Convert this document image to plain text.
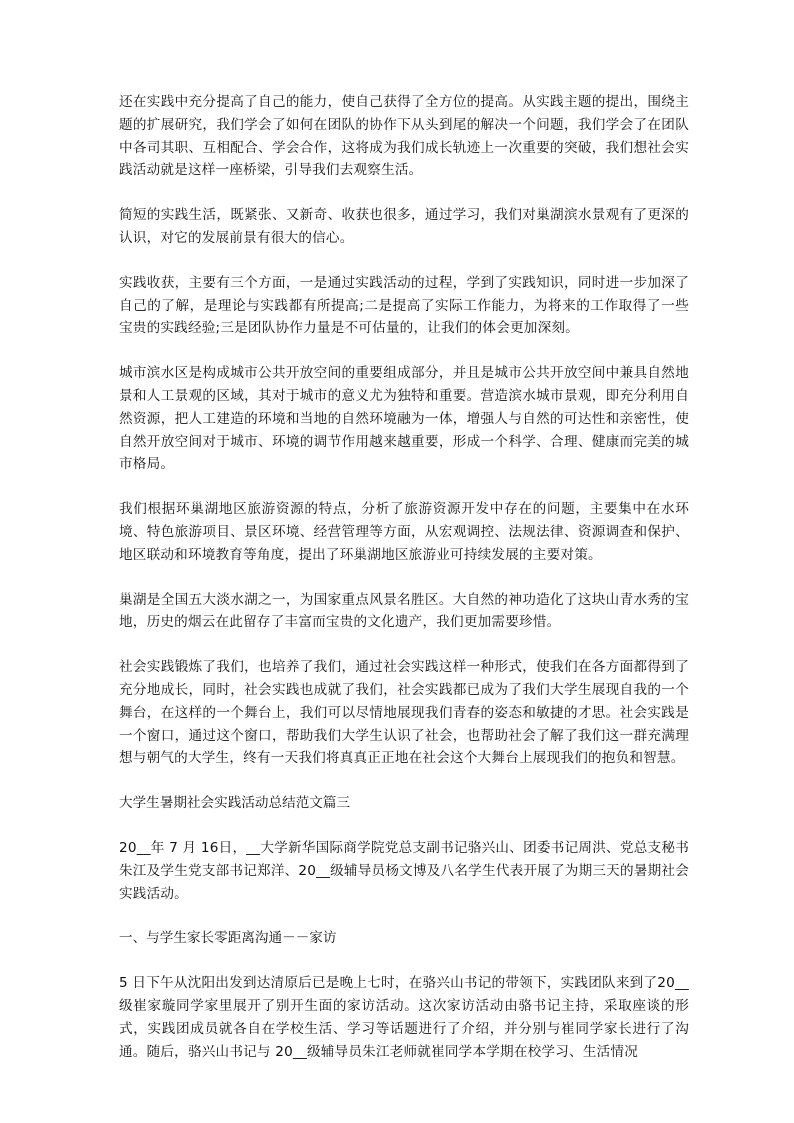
还在实践中充分提高了自己的能力，使自己获得了全方位的提高。从实践主题的提出，围绕主题的扩展研究，我们学会了如何在团队的协作下从头到尾的解决一个问题，我们学会了在团队中各司其职、互相配合、学会合作，这将成为我们成长轨迹上一次重要的突破，我们想社会实践活动就是这样一座桥梁，引导我们去观察生活。

简短的实践生活，既紧张、又新奇、收获也很多，通过学习，我们对巢湖滨水景观有了更深的认识，对它的发展前景有很大的信心。

实践收获，主要有三个方面，一是通过实践活动的过程，学到了实践知识，同时进一步加深了自己的了解，是理论与实践都有所提高;二是提高了实际工作能力，为将来的工作取得了一些宝贵的实践经验;三是团队协作力量是不可估量的，让我们的体会更加深刻。

城市滨水区是构成城市公共开放空间的重要组成部分，并且是城市公共开放空间中兼具自然地景和人工景观的区域，其对于城市的意义尤为独特和重要。营造滨水城市景观，即充分利用自然资源，把人工建造的环境和当地的自然环境融为一体，增强人与自然的可达性和亲密性，使自然开放空间对于城市、环境的调节作用越来越重要，形成一个科学、合理、健康而完美的城市格局。

我们根据环巢湖地区旅游资源的特点，分析了旅游资源开发中存在的问题，主要集中在水环境、特色旅游项目、景区环境、经营管理等方面，从宏观调控、法规法律、资源调查和保护、地区联动和环境教育等角度，提出了环巢湖地区旅游业可持续发展的主要对策。

巢湖是全国五大淡水湖之一，为国家重点风景名胜区。大自然的神功造化了这块山青水秀的宝地，历史的烟云在此留存了丰富而宝贵的文化遗产，我们更加需要珍惜。

社会实践锻炼了我们，也培养了我们，通过社会实践这样一种形式，使我们在各方面都得到了充分地成长，同时，社会实践也成就了我们，社会实践都已成为了我们大学生展现自我的一个舞台，在这样的一个舞台上，我们可以尽情地展现我们青春的姿态和敏捷的才思。社会实践是一个窗口，通过这个窗口，帮助我们大学生认识了社会，也帮助社会了解了我们这一群充满理想与朝气的大学生，终有一天我们将真真正正地在社会这个大舞台上展现我们的抱负和智慧。

大学生暑期社会实践活动总结范文篇三

20__年 7 月 16日，__大学新华国际商学院党总支副书记骆兴山、团委书记周洪、党总支秘书朱江及学生党支部书记郑洋、20__级辅导员杨文博及八名学生代表开展了为期三天的暑期社会实践活动。

一、与学生家长零距离沟通－－家访

5 日下午从沈阳出发到达清原后已是晚上七时，在骆兴山书记的带领下，实践团队来到了20__级崔家璇同学家里展开了别开生面的家访活动。这次家访活动由骆书记主持，采取座谈的形式，实践团成员就各自在学校生活、学习等话题进行了介绍，并分别与崔同学家长进行了沟通。随后，骆兴山书记与 20__级辅导员朱江老师就崔同学本学期在校学习、生活情况
